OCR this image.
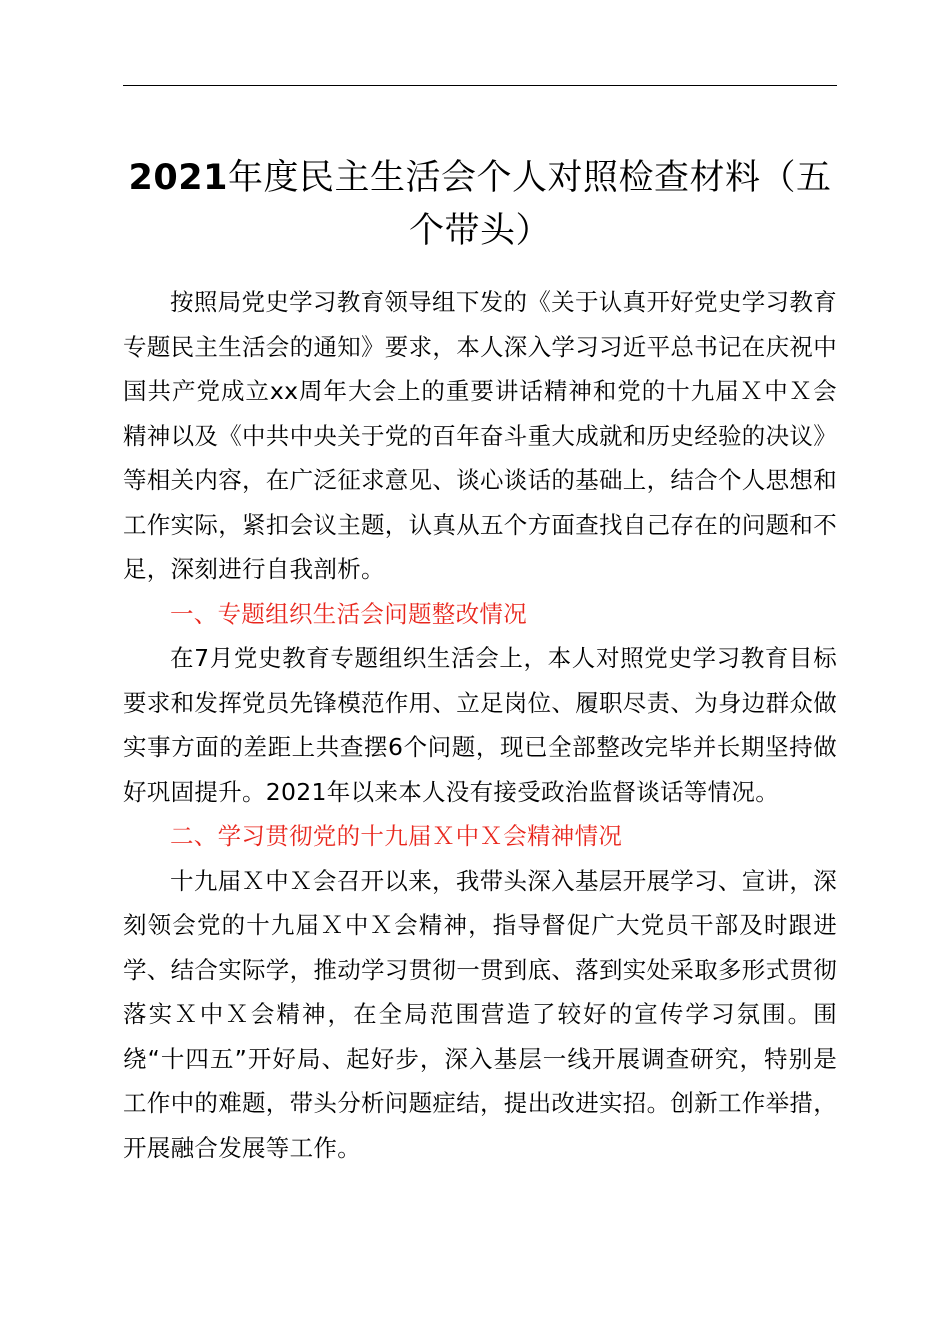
2021年度民主生活会个人对照检查材料（五个带头）

按照局党史学习教育领导组下发的《关于认真开好党史学习教育专题民主生活会的通知》要求，本人深入学习习近平总书记在庆祝中国共产党成立xx周年大会上的重要讲话精神和党的十九届Ｘ中Ｘ会精神以及《中共中央关于党的百年奋斗重大成就和历史经验的决议》等相关内容，在广泛征求意见、谈心谈话的基础上，结合个人思想和工作实际，紧扣会议主题，认真从五个方面查找自己存在的问题和不足，深刻进行自我剖析。

一、专题组织生活会问题整改情况

在7月党史教育专题组织生活会上，本人对照党史学习教育目标要求和发挥党员先锋模范作用、立足岗位、履职尽责、为身边群众做实事方面的差距上共查摆6个问题，现已全部整改完毕并长期坚持做好巩固提升。2021年以来本人没有接受政治监督谈话等情况。

二、学习贯彻党的十九届Ｘ中Ｘ会精神情况

十九届Ｘ中Ｘ会召开以来，我带头深入基层开展学习、宣讲，深刻领会党的十九届Ｘ中Ｘ会精神，指导督促广大党员干部及时跟进学、结合实际学，推动学习贯彻一贯到底、落到实处采取多形式贯彻落实Ｘ中Ｘ会精神，在全局范围营造了较好的宣传学习氛围。围绕“十四五”开好局、起好步，深入基层一线开展调查研究，特别是工作中的难题，带头分析问题症结，提出改进实招。创新工作举措，开展融合发展等工作。
